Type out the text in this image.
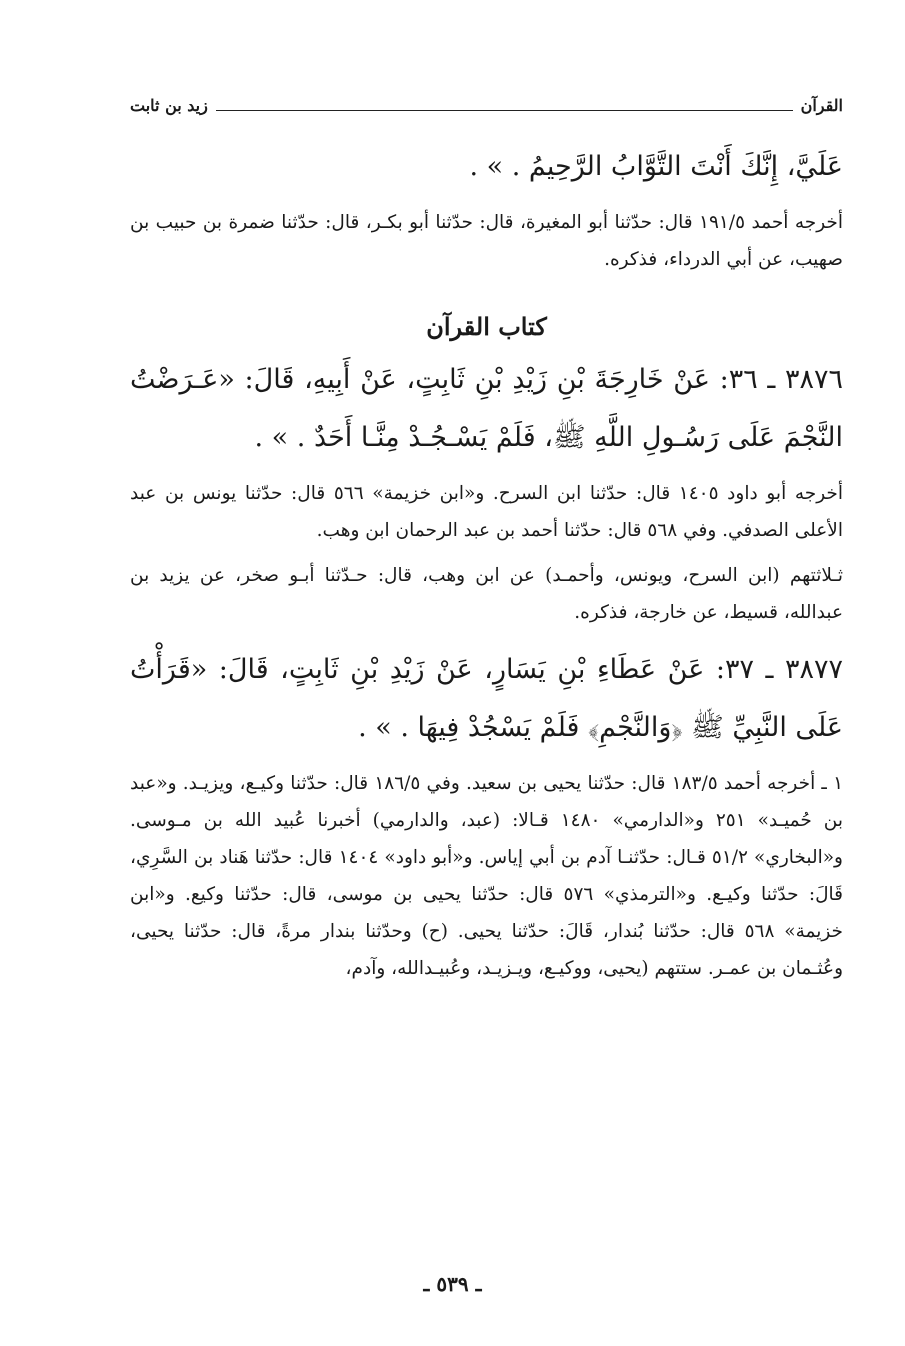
القرآن
زيد بن ثابت

عَلَيَّ، إِنَّكَ أَنْتَ التَّوَّابُ الرَّحِيمُ . » .

أخرجه أحمد ١٩١/٥ قال: حدّثنا أبو المغيرة، قال: حدّثنا أبو بكـر، قال: حدّثنا ضمرة بن حبيب بن صهيب، عن أبي الدرداء، فذكره.

كتاب القرآن

٣٨٧٦ ـ ٣٦: عَنْ خَارِجَةَ بْنِ زَيْدِ بْنِ ثَابِتٍ، عَنْ أَبِيهِ، قَالَ: «عَـرَضْتُ النَّجْمَ عَلَى رَسُـولِ اللَّهِ ﷺ، فَلَمْ يَسْـجُـدْ مِنَّـا أَحَدٌ . » .

أخرجه أبو داود ١٤٠٥ قال: حدّثنا ابن السرح. و«ابن خزيمة» ٥٦٦ قال: حدّثنا يونس بن عبد الأعلى الصدفي. وفي ٥٦٨ قال: حدّثنا أحمد بن عبد الرحمان ابن وهب.

ثـلاثتهم (ابن السرح، ويونس، وأحمـد) عن ابن وهب، قال: حـدّثنا أبـو صخر، عن يزيد بن عبدالله، قسيط، عن خارجة، فذكره.

٣٨٧٧ ـ ٣٧: عَنْ عَطَاءِ بْنِ يَسَارٍ، عَنْ زَيْدِ بْنِ ثَابِتٍ، قَالَ: «قَرَأْتُ عَلَى النَّبِيِّ ﷺ ﴿وَالنَّجْمِ﴾ فَلَمْ يَسْجُدْ فِيهَا . » .

١ ـ أخرجه أحمد ١٨٣/٥ قال: حدّثنا يحيى بن سعيد. وفي ١٨٦/٥ قال: حدّثنا وكيـع، ويزيـد. و«عبد بن حُميـد» ٢٥١ و«الدارمي» ١٤٨٠ قـالا: (عبد، والدارمي) أخبرنا عُبيد الله بن مـوسى. و«البخاري» ٥١/٢ قـال: حدّثنـا آدم بن أبي إياس. و«أبو داود» ١٤٠٤ قال: حدّثنا هَناد بن السَّرِي، قَالَ: حدّثنا وكيـع. و«الترمذي» ٥٧٦ قال: حدّثنا يحيى بن موسى، قال: حدّثنا وكيع. و«ابن خزيمة» ٥٦٨ قال: حدّثنا بُندار، قَالَ: حدّثنا يحيى. (ح) وحدّثنا بندار مرةً، قال: حدّثنا يحيى، وعُثـمان بن عمـر. ستتهم (يحيى، ووكيـع، ويـزيـد، وعُبيـدالله، وآدم،

ـ ٥٣٩ ـ
